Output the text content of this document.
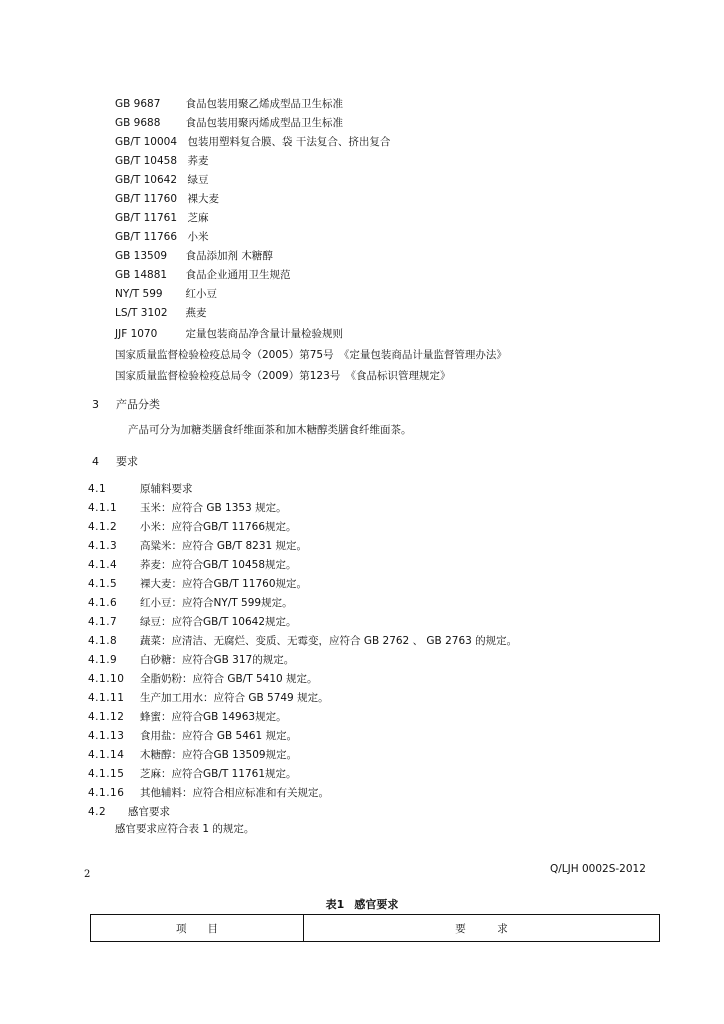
GB 9687　 食品包装用聚乙烯成型品卫生标准
GB 9688　 食品包装用聚丙烯成型品卫生标准
GB/T 10004　 包装用塑料复合膜、袋 干法复合、挤出复合
GB/T 10458　 荞麦
GB/T 10642　 绿豆
GB/T 11760　 裸大麦
GB/T 11761　 芝麻
GB/T 11766　 小米
GB 13509　 食品添加剂 木糖醇
GB 14881　 食品企业通用卫生规范
NY/T 599　 红小豆
LS/T 3102　 燕麦
JJF 1070　	定量包装商品净含量计量检验规则
国家质量监督检验检疫总局令（2005）第75号　 《定量包装商品计量监督管理办法》
国家质量监督检验检疫总局令（2009）第123号　 《食品标识管理规定》
3 产品分类
产品可分为加糖类膳食纤维面茶和加木糖醇类膳食纤维面茶。
4 要求
4.1	原辅料要求
4.1.1 玉米：应符合 GB 1353 规定。
4.1.2 小米：应符合GB/T 11766规定。
4.1.3 高粱米：应符合 GB/T 8231 规定。
4.1.4 荞麦：应符合GB/T 10458规定。
4.1.5 裸大麦：应符合GB/T 11760规定。
4.1.6 红小豆：应符合NY/T 599规定。
4.1.7 绿豆：应符合GB/T 10642规定。
4.1.8 蔬菜：应清洁、无腐烂、变质、无霉变，应符合 GB 2762 、 GB 2763 的规定。
4.1.9 白砂糖：应符合GB 317的规定。
4.1.10 全脂奶粉：应符合 GB/T 5410 规定。
4.1.11 生产加工用水：应符合 GB 5749 规定。
4.1.12 蜂蜜：应符合GB 14963规定。
4.1.13 食用盐：应符合 GB 5461 规定。
4.1.14 木糖醇：应符合GB 13509规定。
4.1.15 芝麻：应符合GB/T 11761规定。
4.1.16 其他辅料：应符合相应标准和有关规定。
4.2 感官要求
感官要求应符合表 1 的规定。
2	Q/LJH 0002S-2012
表1 感官要求
项　　目	要　　　求
